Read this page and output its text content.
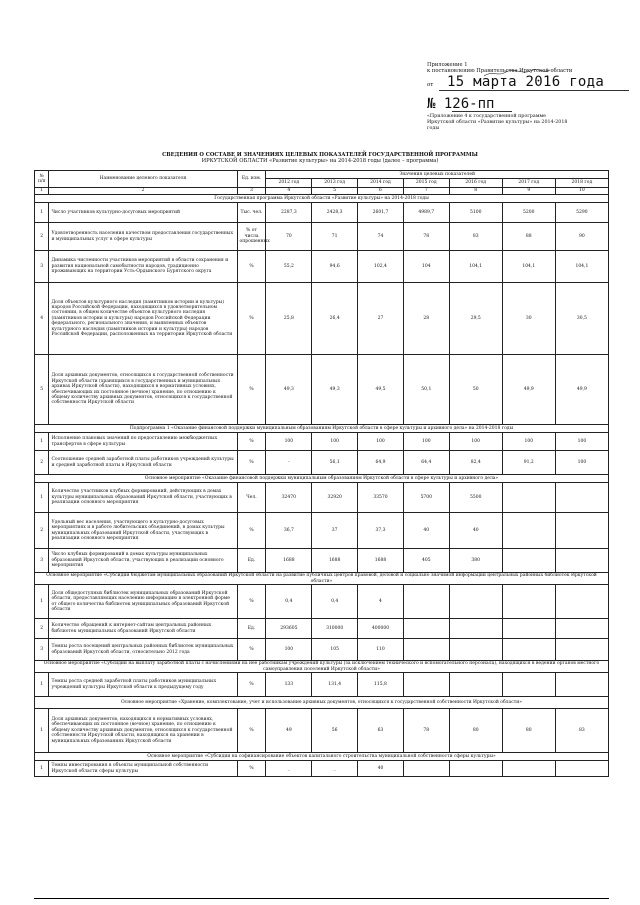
Приложение 1
к постановлению Правительства Иркутской области
от 15 марта 2016 года
№ 126-пп
«Приложение 4 к государственной программе
Иркутской области «Развитие культуры» на 2014-2018
годы
СВЕДЕНИЯ О СОСТАВЕ И ЗНАЧЕНИЯХ ЦЕЛЕВЫХ ПОКАЗАТЕЛЕЙ ГОСУДАРСТВЕННОЙ ПРОГРАММЫ
ИРКУТСКОЙ ОБЛАСТИ «Развитие культуры» на 2014-2018 годы (далее – программа)
№ п/п	Наименование целевого показателя	Ед. изм.	Значения целевых показателей						
			2012 год	2013 год	2014 год	2015 год	2016 год	2017 год	2018 год
1	2	3	4	5	6	7	8	9	10
Государственная программа Иркутской области «Развитие культуры» на 2014-2018 годы									
1	Число участников культурно-досуговых мероприятий	Тыс. чел.	2287,3	2428,3	2601,7	4989,7	5100	5200	5290
2	Удовлетворенность населения качеством предоставления государственных и муниципальных услуг в сфере культуры	% от числа опрошенных	70	71	74	78	83	88	90
3	Динамика численности участников мероприятий в области сохранения и развития национальной самобытности народов, традиционно проживающих на территории Усть-Ордынского Бурятского округа	%	55,2	94,6	102,4	104	104,1	104,1	104,1
4	Доля объектов культурного наследия (памятников истории и культуры) народов Российской Федерации, находящихся в удовлетворительном состоянии, в общем количестве объектов культурного наследия (памятников истории и культуры) народов Российской Федерации федерального, регионального значения, и выявленных объектов культурного наследия (памятников истории и культуры) народов Российской Федерации, расположенных на территории Иркутской области	%	25,8	26,4	27	28	29,5	30	30,5
5	Доля архивных документов, относящихся к государственной собственности Иркутской области (хранящихся в государственных и муниципальных архивах Иркутской области), находящихся в нормативных условиях, обеспечивающих их постоянное (вечное) хранение, по отношению к общему количеству архивных документов, относящихся к государственной собственности Иркутской области	%	49,3	49,3	49,5	50,1	50	49,9	49,9
Подпрограмма 1 «Оказание финансовой поддержки муниципальным образованиям Иркутской области в сфере культуры и архивного дела» на 2014-2018 годы									
1	Исполнение плановых значений по предоставлению межбюджетных трансфертов в сфере культуры	%	100	100	100	100	100	100	100
2	Соотношение средней заработной платы работников учреждений культуры и средней заработной платы в Иркутской области	%	-	56,1	64,9	64,4	82,4	91,2	100
Основное мероприятие «Оказание финансовой поддержки муниципальным образованиям Иркутской области в сфере культуры и архивного дела»									
1	Количество участников клубных формирований, действующих в домах культуры муниципальных образований Иркутской области, участвующих в реализации основного мероприятия	Чел.	32470	32920	33570	5700	5500		
2	Удельный вес населения, участвующего в культурно-досуговых мероприятиях и в работе любительских объединений, в домах культуры муниципальных образований Иркутской области, участвующих в реализации основного мероприятия	%	36,7	37	37,3	40	40		
3	Число клубных формирований в домах культуры муниципальных образований Иркутской области, участвующих в реализации основного мероприятия	Ед.	1688	1688	1688	405	380		
Основное мероприятие «Субсидии бюджетам муниципальных образований Иркутской области на развитие публичных центров правовой, деловой и социально значимой информации центральных районных библиотек Иркутской области»									
1	Доля общедоступных библиотек муниципальных образований Иркутской области, предоставляющих населению информацию в электронной форме от общего количества библиотек муниципальных образований Иркутской области	%	0,4	0,4	4				
2	Количество обращений к интернет-сайтам центральных районных библиотек муниципальных образований Иркутской области	Ед.	293605	310000	400000				
3	Темпы роста посещений центральных районных библиотек муниципальных образований Иркутской области, относительно 2012 года	%	100	105	110				
Основное мероприятие «Субсидии на выплату заработной платы с начислениями на нее работникам учреждений культуры (за исключением технического и вспомогательного персонала), находящихся в ведении органов местного самоуправления поселений Иркутской области»									
1	Темпы роста средней заработной платы работников муниципальных учреждений культуры Иркутской области к предыдущему году	%	133	131,4	115,8				
Основное мероприятие «Хранение, комплектование, учет и использование архивных документов, относящихся к государственной собственности Иркутской области»									
1	Доля архивных документов, находящихся в нормативных условиях, обеспечивающих их постоянное (вечное) хранение, по отношению к общему количеству архивных документов, относящихся к государственной собственности Иркутской области, находящихся на хранении в муниципальных образованиях Иркутской области	%	49	56	63	78	80	80	83
Основное мероприятие «Субсидии на софинансирование объектов капитального строительства муниципальной собственности сферы культуры»									
1	Темпы инвестирования в объекты муниципальной собственности Иркутской области сферы культуры	%	_	_	40				
